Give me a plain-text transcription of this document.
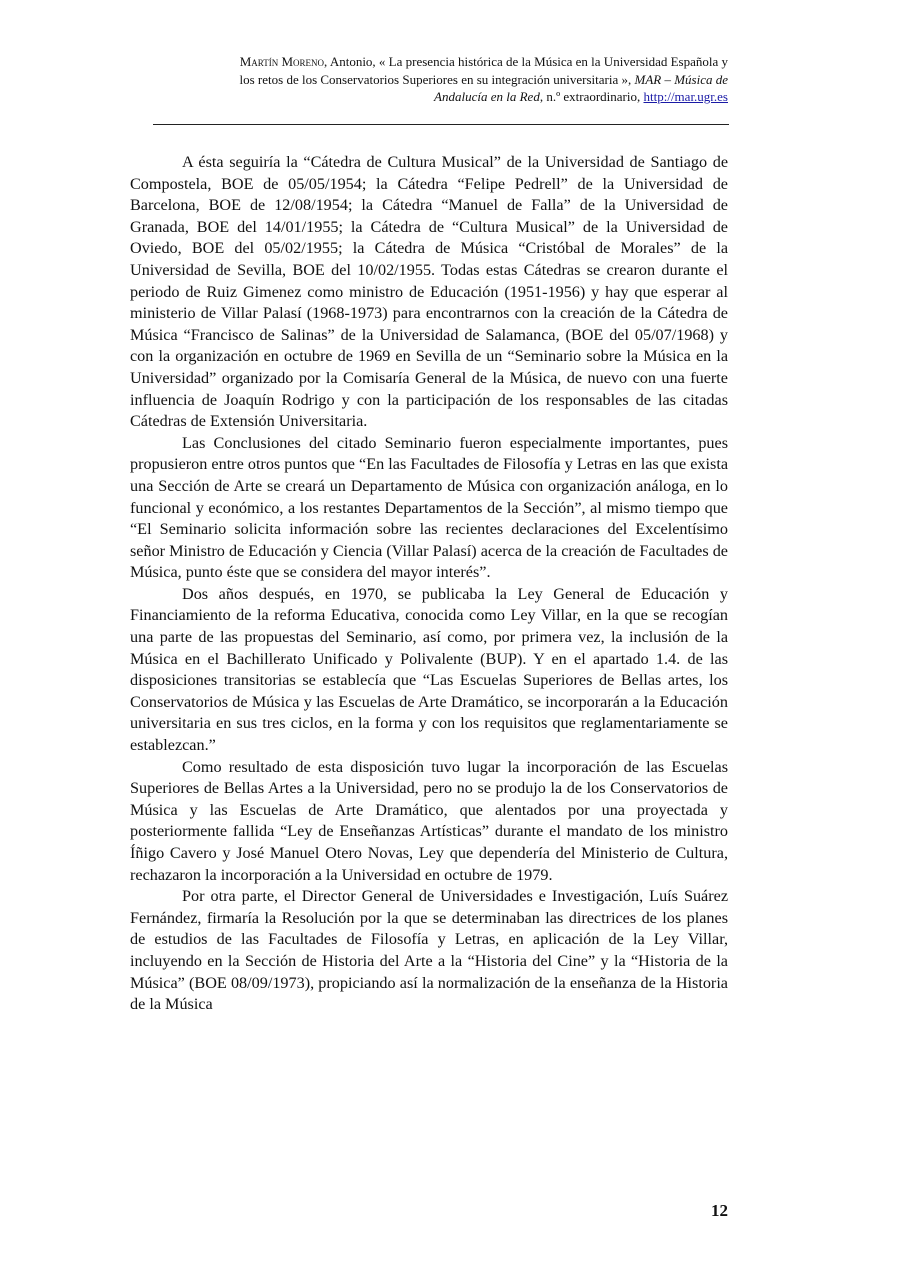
Martín Moreno, Antonio, « La presencia histórica de la Música en la Universidad Española y
los retos de los Conservatorios Superiores en su integración universitaria », MAR – Música de
Andalucía en la Red, n.º extraordinario, http://mar.ugr.es

A ésta seguiría la “Cátedra de Cultura Musical” de la Universidad de Santiago de Compostela, BOE de 05/05/1954; la Cátedra “Felipe Pedrell” de la Universidad de Barcelona, BOE de 12/08/1954; la Cátedra “Manuel de Falla” de la Universidad de Granada, BOE del 14/01/1955; la Cátedra de “Cultura Musical” de la Universidad de Oviedo, BOE del 05/02/1955; la Cátedra de Música “Cristóbal de Morales” de la Universidad de Sevilla, BOE del 10/02/1955. Todas estas Cátedras se crearon durante el periodo de Ruiz Gimenez como ministro de Educación (1951-1956) y hay que esperar al ministerio de Villar Palasí (1968-1973) para encontrarnos con la creación de la Cátedra de Música “Francisco de Salinas” de la Universidad de Salamanca, (BOE del 05/07/1968) y con la organización en octubre de 1969 en Sevilla de un “Seminario sobre la Música en la Universidad” organizado por la Comisaría General de la Música, de nuevo con una fuerte influencia de Joaquín Rodrigo y con la participación de los responsables de las citadas Cátedras de Extensión Universitaria.

Las Conclusiones del citado Seminario fueron especialmente importantes, pues propusieron entre otros puntos que “En las Facultades de Filosofía y Letras en las que exista una Sección de Arte se creará un Departamento de Música con organización análoga, en lo funcional y económico, a los restantes Departamentos de la Sección”, al mismo tiempo que “El Seminario solicita información sobre las recientes declaraciones del Excelentísimo señor Ministro de Educación y Ciencia (Villar Palasí) acerca de la creación de Facultades de Música, punto éste que se considera del mayor interés”.

Dos años después, en 1970, se publicaba la Ley General de Educación y Financiamiento de la reforma Educativa, conocida como Ley Villar, en la que se recogían una parte de las propuestas del Seminario, así como, por primera vez, la inclusión de la Música en el Bachillerato Unificado y Polivalente (BUP). Y en el apartado 1.4. de las disposiciones transitorias se establecía que “Las Escuelas Superiores de Bellas artes, los Conservatorios de Música y las Escuelas de Arte Dramático, se incorporarán a la Educación universitaria en sus tres ciclos, en la forma y con los requisitos que reglamentariamente se establezcan.”

Como resultado de esta disposición tuvo lugar la incorporación de las Escuelas Superiores de Bellas Artes a la Universidad, pero no se produjo la de los Conservatorios de Música y las Escuelas de Arte Dramático, que alentados por una proyectada y posteriormente fallida “Ley de Enseñanzas Artísticas” durante el mandato de los ministro Íñigo Cavero y José Manuel Otero Novas, Ley que dependería del Ministerio de Cultura, rechazaron la incorporación a la Universidad en octubre de 1979.

Por otra parte, el Director General de Universidades e Investigación, Luís Suárez Fernández, firmaría la Resolución por la que se determinaban las directrices de los planes de estudios de las Facultades de Filosofía y Letras, en aplicación de la Ley Villar, incluyendo en la Sección de Historia del Arte a la “Historia del Cine” y la “Historia de la Música” (BOE 08/09/1973), propiciando así la normalización de la enseñanza de la Historia de la Música

12
